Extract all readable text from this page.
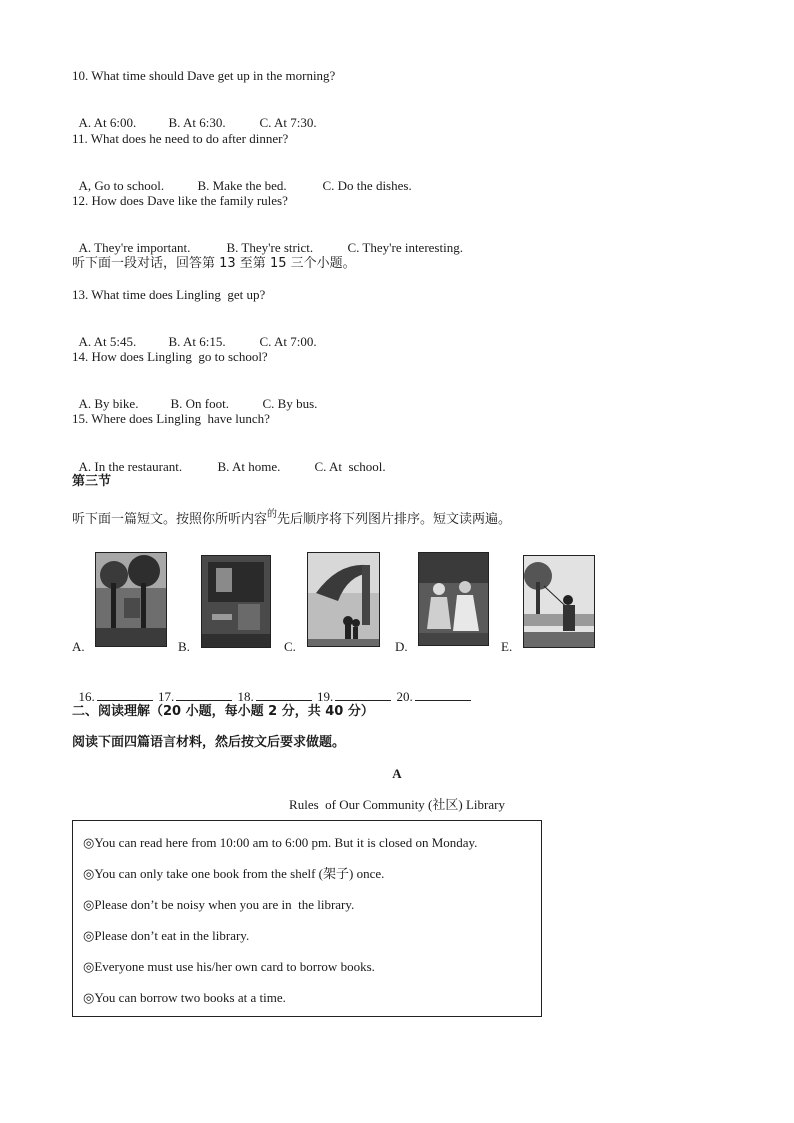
10. What time should Dave get up in the morning?

A. At 6:00. B. At 6:30.	C. At 7:30.

11. What does he need to do after dinner?

A, Go to school.	B. Make the bed.	C. Do the dishes.

12. How does Dave like the family rules?

A. They're important.	B. They're strict.	C. They're interesting.

听下面一段对话，回答第 13 至第 15 三个小题。
13. What time does Lingling  get up?

A. At 5:45. B. At 6:15.	C. At 7:00.

14. How does Lingling  go to school?

A. By bike. B. On foot.	C. By bus.

15. Where does Lingling  have lunch?

A. In the restaurant.	B. At home.	C. At  school.

第三节
听下面一篇短文。按照你所听内容$^的$先后顺序将下列图片排序。短文读两遍。
A.	B.	C.	D.	E.

16.	17.	18.	19.	20.

二、阅读理解（20 小题，每小题 2 分，共 40 分）
阅读下面四篇语言材料，然后按文后要求做题。
A
Rules  of Our Community (社区) Library
◎You can read here from 10:00 am to 6:00 pm. But it is closed on Monday.
◎You can only take one book from the shelf (架子) once.
◎Please don’t be noisy when you are in  the library.
◎Please don’t eat in the library.
◎Everyone must use his/her own card to borrow books.
◎You can borrow two books at a time.
